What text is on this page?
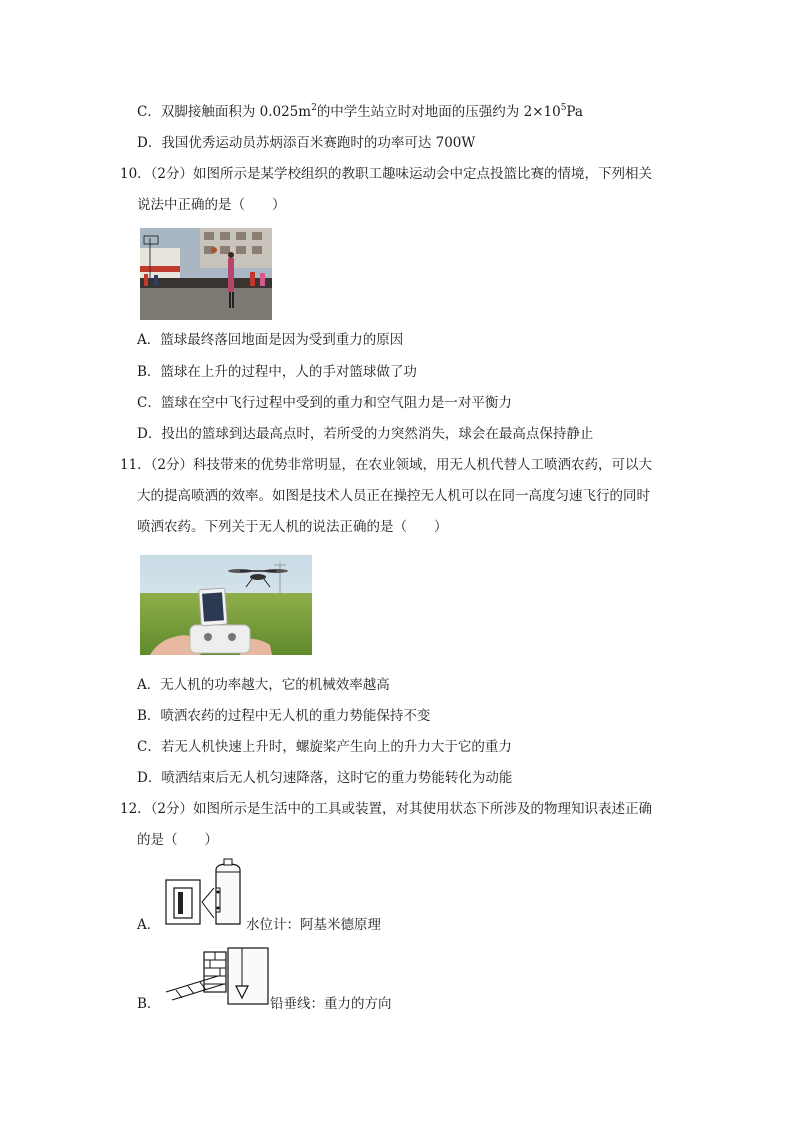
C．双脚接触面积为 $0.025m^2$的中学生站立时对地面的压强约为 $2\times 10^5Pa$
D．我国优秀运动员苏炳添百米赛跑时的功率可达 700W
10．（2分）如图所示是某学校组织的教职工趣味运动会中定点投篮比赛的情境，下列相关
说法中正确的是（　　）
A．篮球最终落回地面是因为受到重力的原因
B．篮球在上升的过程中，人的手对篮球做了功
C．篮球在空中飞行过程中受到的重力和空气阻力是一对平衡力
D．投出的篮球到达最高点时，若所受的力突然消失，球会在最高点保持静止
11．（2分）科技带来的优势非常明显，在农业领域，用无人机代替人工喷洒农药，可以大
大的提高喷洒的效率。如图是技术人员正在操控无人机可以在同一高度匀速飞行的同时
喷洒农药。下列关于无人机的说法正确的是（　　）
A．无人机的功率越大，它的机械效率越高
B．喷洒农药的过程中无人机的重力势能保持不变
C．若无人机快速上升时，螺旋桨产生向上的升力大于它的重力
D．喷洒结束后无人机匀速降落，这时它的重力势能转化为动能
12．（2分）如图所示是生活中的工具或装置，对其使用状态下所涉及的物理知识表述正确
的是（　　）
A．	水位计：阿基米德原理
B．	铅垂线：重力的方向
